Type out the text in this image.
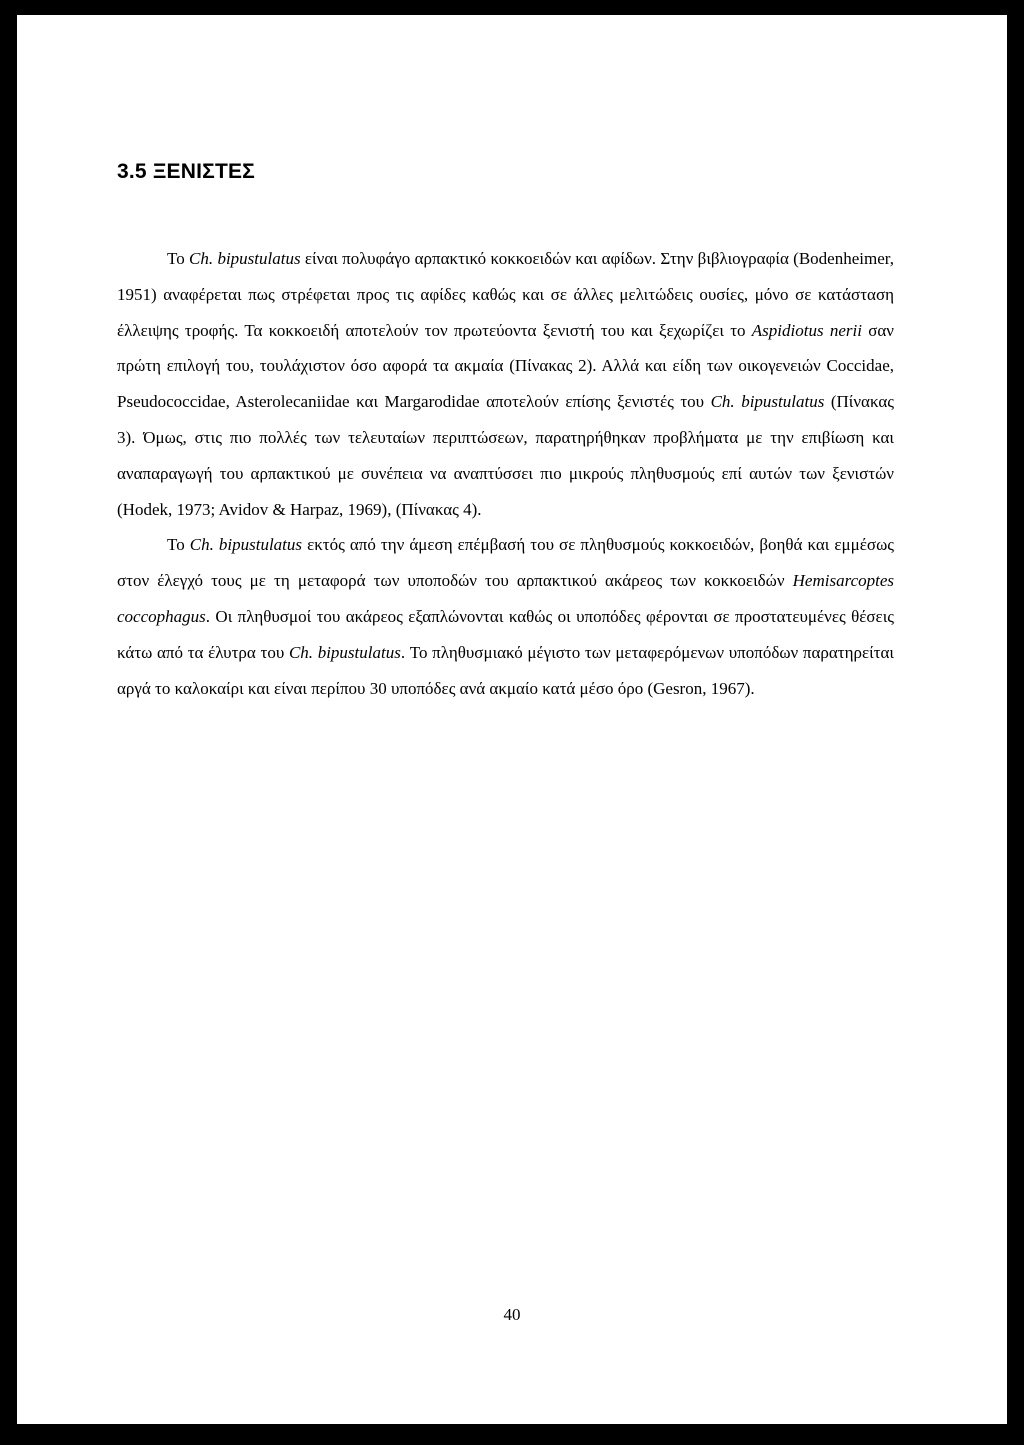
3.5 ΞΕΝΙΣΤΕΣ

Το Ch. bipustulatus είναι πολυφάγο αρπακτικό κοκκοειδών και αφίδων. Στην βιβλιογραφία (Bodenheimer, 1951) αναφέρεται πως στρέφεται προς τις αφίδες καθώς και σε άλλες μελιτώδεις ουσίες, μόνο σε κατάσταση έλλειψης τροφής. Τα κοκκοειδή αποτελούν τον πρωτεύοντα ξενιστή του και ξεχωρίζει το Aspidiotus nerii σαν πρώτη επιλογή του, τουλάχιστον όσο αφορά τα ακμαία (Πίνακας 2). Αλλά και είδη των οικογενειών Coccidae, Pseudococcidae, Asterolecaniidae και Margarodidae αποτελούν επίσης ξενιστές του Ch. bipustulatus (Πίνακας 3). Όμως, στις πιο πολλές των τελευταίων περιπτώσεων, παρατηρήθηκαν προβλήματα με την επιβίωση και αναπαραγωγή του αρπακτικού με συνέπεια να αναπτύσσει πιο μικρούς πληθυσμούς επί αυτών των ξενιστών (Hodek, 1973; Avidov & Harpaz, 1969), (Πίνακας 4).

Το Ch. bipustulatus εκτός από την άμεση επέμβασή του σε πληθυσμούς κοκκοειδών, βοηθά και εμμέσως στον έλεγχό τους με τη μεταφορά των υποποδών του αρπακτικού ακάρεος των κοκκοειδών Hemisarcoptes coccophagus. Οι πληθυσμοί του ακάρεος εξαπλώνονται καθώς οι υποπόδες φέρονται σε προστατευμένες θέσεις κάτω από τα έλυτρα του Ch. bipustulatus. Το πληθυσμιακό μέγιστο των μεταφερόμενων υποπόδων παρατηρείται αργά το καλοκαίρι και είναι περίπου 30 υποπόδες ανά ακμαίο κατά μέσο όρο (Gesron, 1967).

40
